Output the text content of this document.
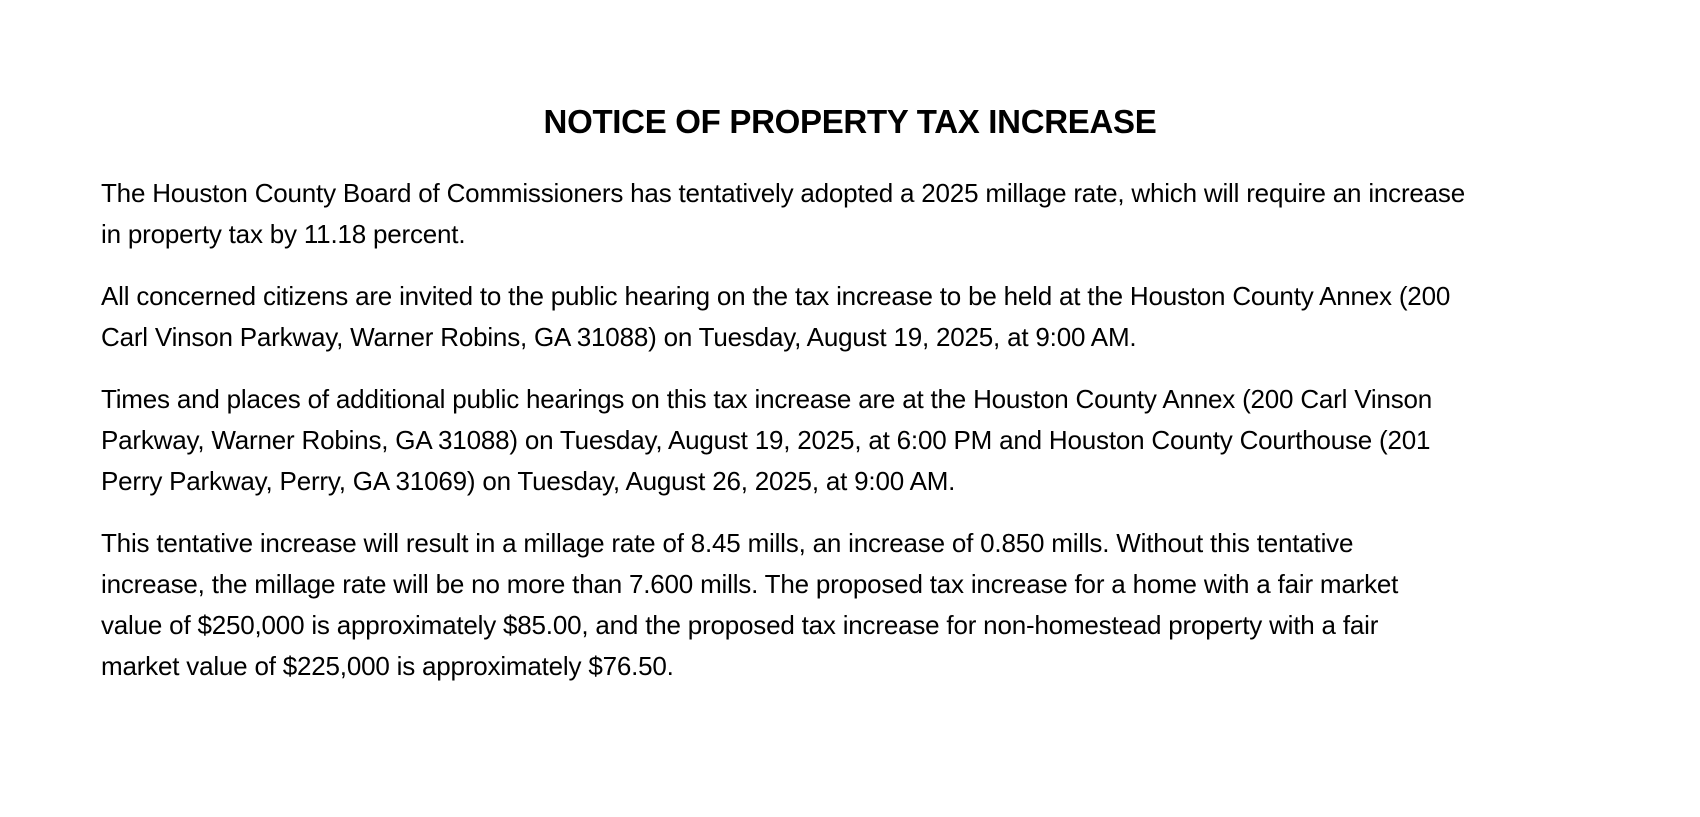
NOTICE OF PROPERTY TAX INCREASE

The Houston County Board of Commissioners has tentatively adopted a 2025 millage rate, which will require an increase
in property tax by 11.18 percent.

All concerned citizens are invited to the public hearing on the tax increase to be held at the Houston County Annex (200
Carl Vinson Parkway, Warner Robins, GA 31088) on Tuesday, August 19, 2025, at 9:00 AM.

Times and places of additional public hearings on this tax increase are at the Houston County Annex (200 Carl Vinson
Parkway, Warner Robins, GA 31088) on Tuesday, August 19, 2025, at 6:00 PM and Houston County Courthouse (201
Perry Parkway, Perry, GA 31069) on Tuesday, August 26, 2025, at 9:00 AM.

This tentative increase will result in a millage rate of 8.45 mills, an increase of 0.850 mills. Without this tentative
increase, the millage rate will be no more than 7.600 mills. The proposed tax increase for a home with a fair market
value of $250,000 is approximately $85.00, and the proposed tax increase for non-homestead property with a fair
market value of $225,000 is approximately $76.50.
